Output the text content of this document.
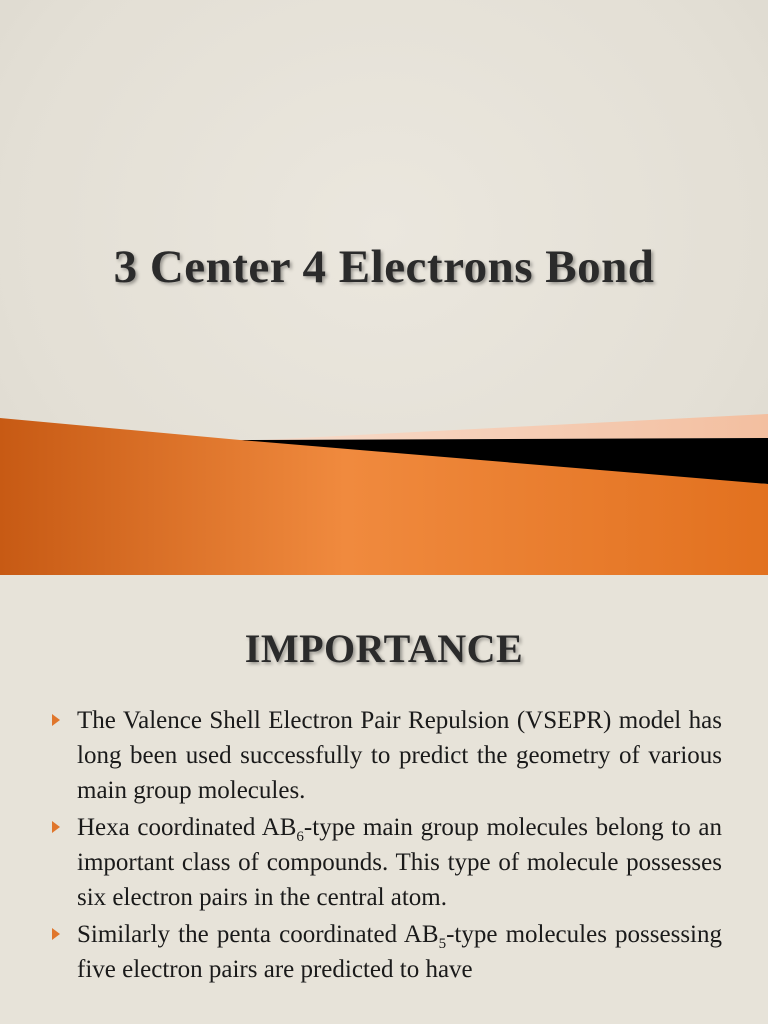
3 Center 4 Electrons Bond
IMPORTANCE
The Valence Shell Electron Pair Repulsion (VSEPR) model has long been used successfully to predict the geometry of various main group molecules.
Hexa coordinated $AB_6$-type main group molecules belong to an important class of compounds. This type of molecule possesses six electron pairs in the central atom.
Similarly the penta coordinated $AB_5$-type molecules possessing five electron pairs are predicted to have
